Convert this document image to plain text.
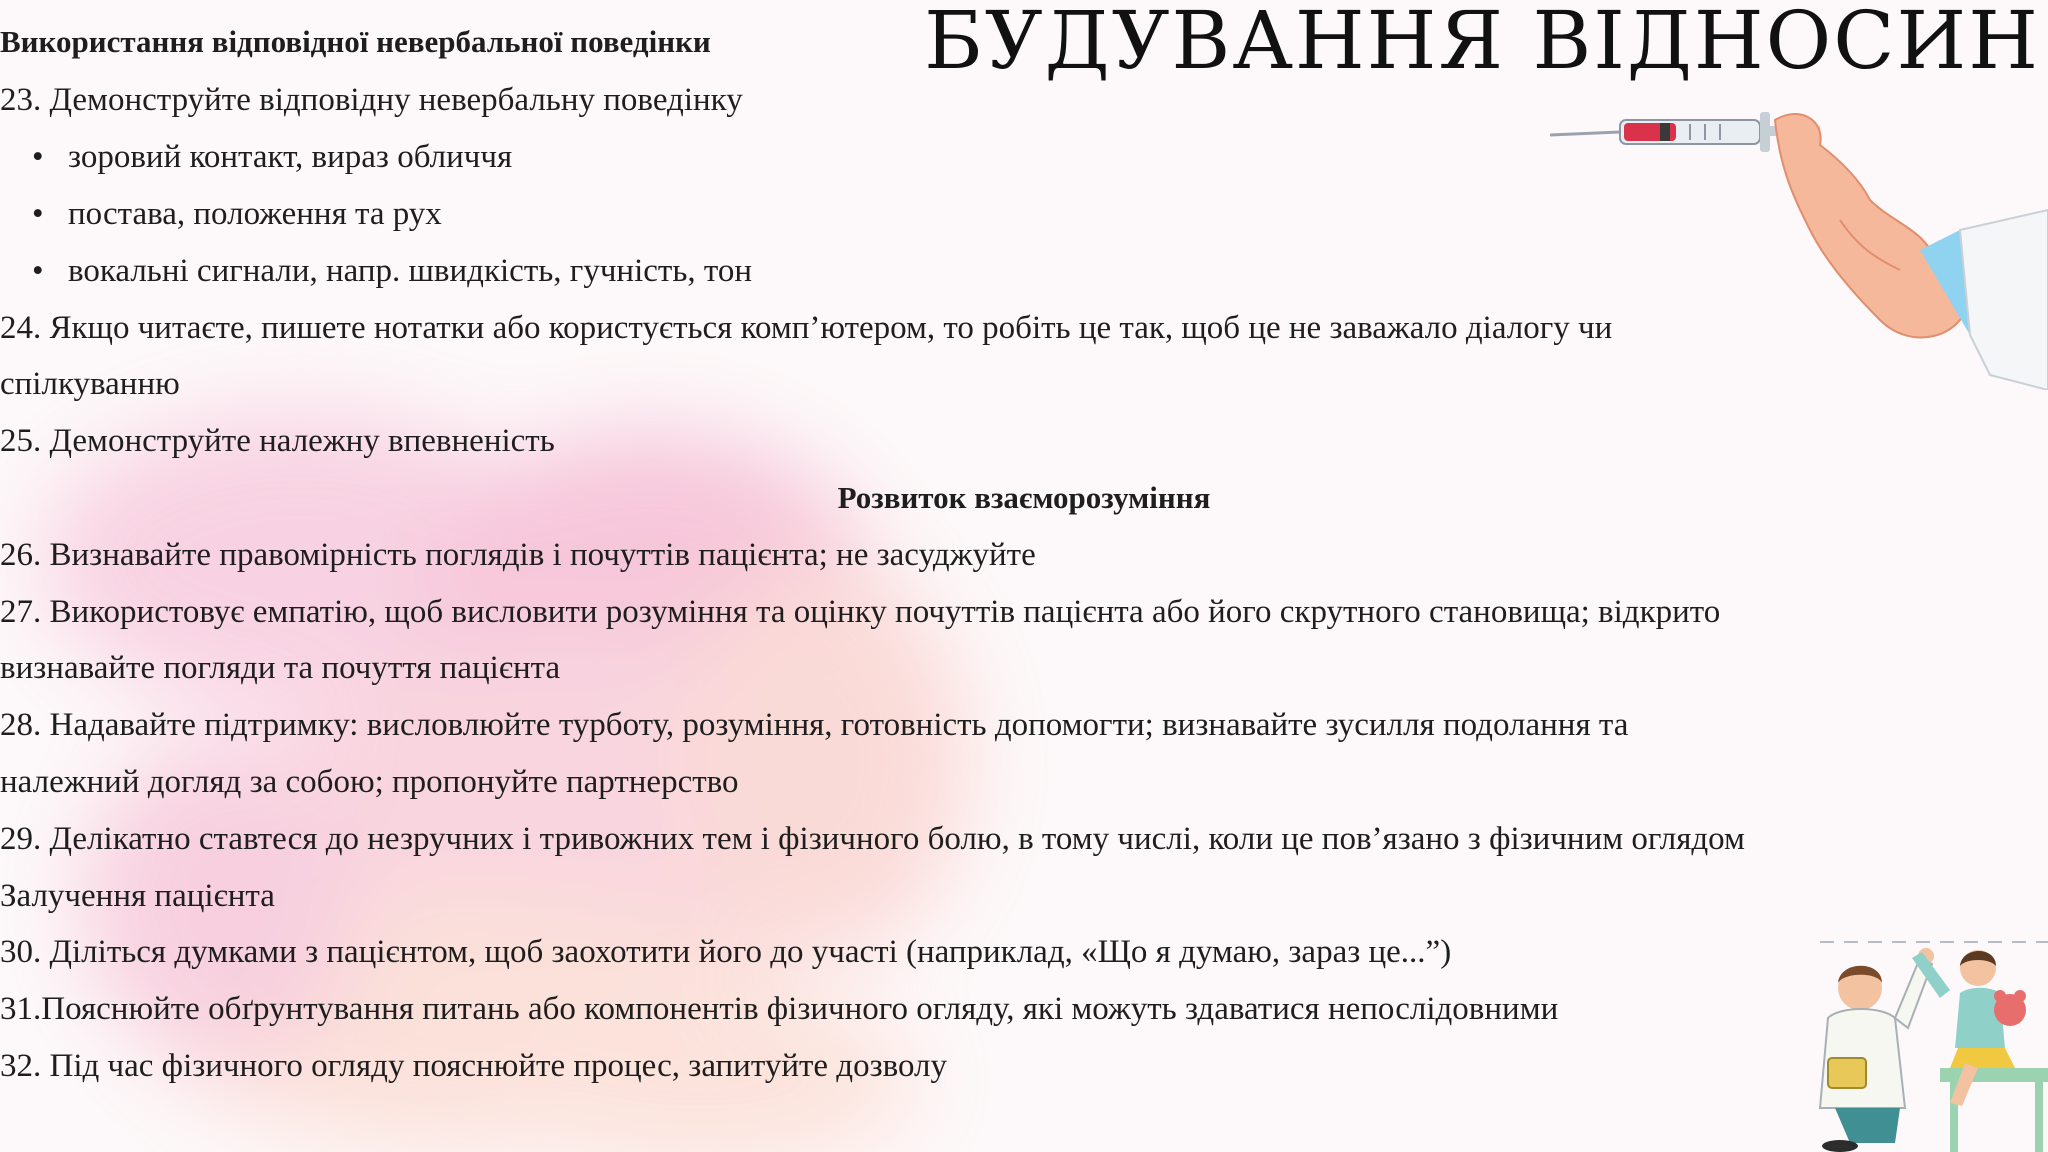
БУДУВАННЯ ВІДНОСИН
Використання відповідної невербальної поведінки
23. Демонструйте відповідну невербальну поведінку
• зоровий контакт, вираз обличчя
• постава, положення та рух
• вокальні сигнали, напр. швидкість, гучність, тон
24. Якщо читаєте, пишете нотатки або користується комп’ютером, то робіть це так, щоб це не заважало діалогу чи
спілкуванню
25. Демонструйте належну впевненість
Розвиток взаєморозуміння
26. Визнавайте правомірність поглядів і почуттів пацієнта; не засуджуйте
27. Використовує емпатію, щоб висловити розуміння та оцінку почуттів пацієнта або його скрутного становища; відкрито
визнавайте погляди та почуття пацієнта
28. Надавайте підтримку: висловлюйте турботу, розуміння, готовність допомогти; визнавайте зусилля подолання та
належний догляд за собою; пропонуйте партнерство
29. Делікатно ставтеся до незручних і тривожних тем і фізичного болю, в тому числі, коли це пов’язано з фізичним оглядом
Залучення пацієнта
30. Діліться думками з пацієнтом, щоб заохотити його до участі (наприклад, «Що я думаю, зараз це...”)
31.Пояснюйте обґрунтування питань або компонентів фізичного огляду, які можуть здаватися непослідовними
32. Під час фізичного огляду пояснюйте процес, запитуйте дозволу
